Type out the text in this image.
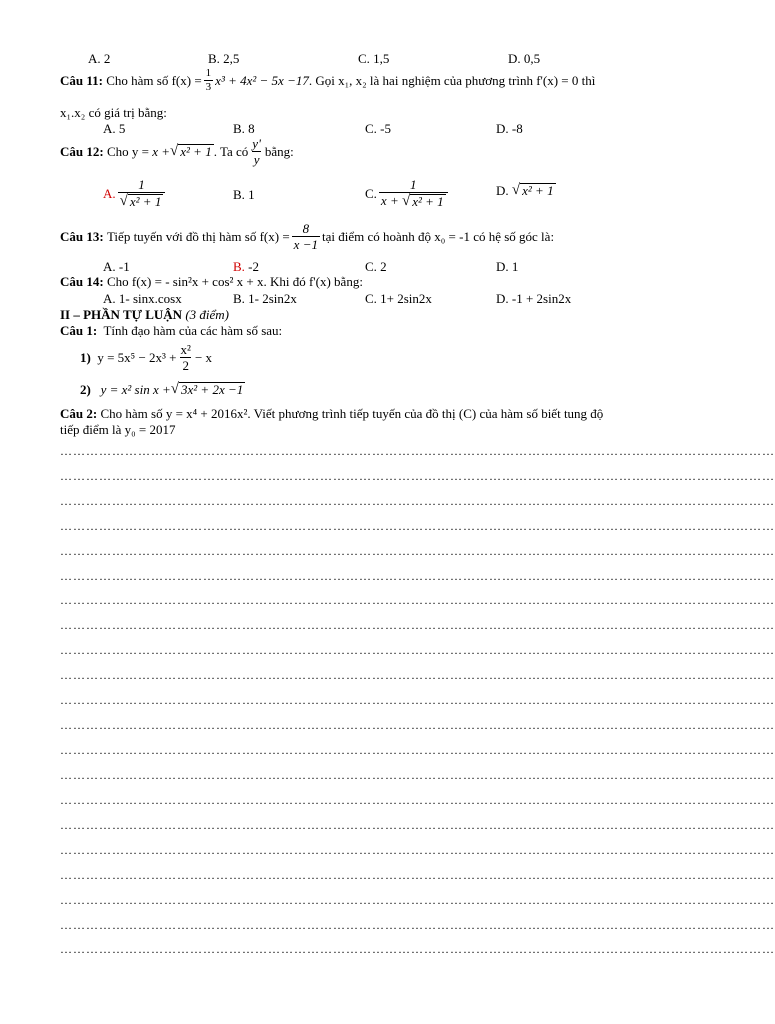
A. 2	B. 2,5	C. 1,5	D. 0,5
Câu 11:
Cho hàm số $f(x) = \frac{1}{3} x^3 + 4x^2 - 5x -17$ . Gọi x₁, x₂ là hai nghiệm của phương trình f'(x) = 0 thì
x₁.x₂ có giá trị bằng:
A. 5	B. 8	C. -5	D. -8
Câu 12:
Cho y =
x + √ x² + 1 . Ta có $\frac{y'}{y}$ bằng:
A. $\frac{1}{\text{√ x² + 1}}$	B. 1	C. $\frac{1}{\text{x + √ x² + 1}}$	D.
√ x² + 1
Câu 13:
Tiếp tuyến với đồ thị hàm số $f(x) = \frac{8}{x -1}$ tại điểm có hoành độ x₀ = -1 có hệ số góc là:
A. -1	B. -2	C. 2	D. 1
Câu 14: Cho f(x) = - sin²x + cos² x + x. Khi đó f'(x) bằng:
A. 1- sinx.cosx	B. 1- 2sin2x	C. 1+ 2sin2x	D. -1 + 2sin2x
II – PHẦN TỰ LUẬN (3 điểm)
Câu 1: Tính đạo hàm của các hàm số sau:
1)
$y = 5x^5 - 2x^3 + \frac{\text{x²}}{2} - x$
2)
y = x² sin x + √ 3x² + 2x −1
Câu 2: Cho hàm số y = x⁴ + 2016x². Viết phương trình tiếp tuyến của đồ thị (C) của hàm số biết tung độ
tiếp điểm là y₀ = 2017
…………………………………………………………………………………………………………………………………………………
…………………………………………………………………………………………………………………………………………………
…………………………………………………………………………………………………………………………………………………
…………………………………………………………………………………………………………………………………………………
…………………………………………………………………………………………………………………………………………………
…………………………………………………………………………………………………………………………………………………
…………………………………………………………………………………………………………………………………………………
…………………………………………………………………………………………………………………………………………………
…………………………………………………………………………………………………………………………………………………
…………………………………………………………………………………………………………………………………………………
…………………………………………………………………………………………………………………………………………………
…………………………………………………………………………………………………………………………………………………
…………………………………………………………………………………………………………………………………………………
…………………………………………………………………………………………………………………………………………………
…………………………………………………………………………………………………………………………………………………
…………………………………………………………………………………………………………………………………………………
…………………………………………………………………………………………………………………………………………………
…………………………………………………………………………………………………………………………………………………
…………………………………………………………………………………………………………………………………………………
…………………………………………………………………………………………………………………………………………………
…………………………………………………………………………………………………………………………………………………
